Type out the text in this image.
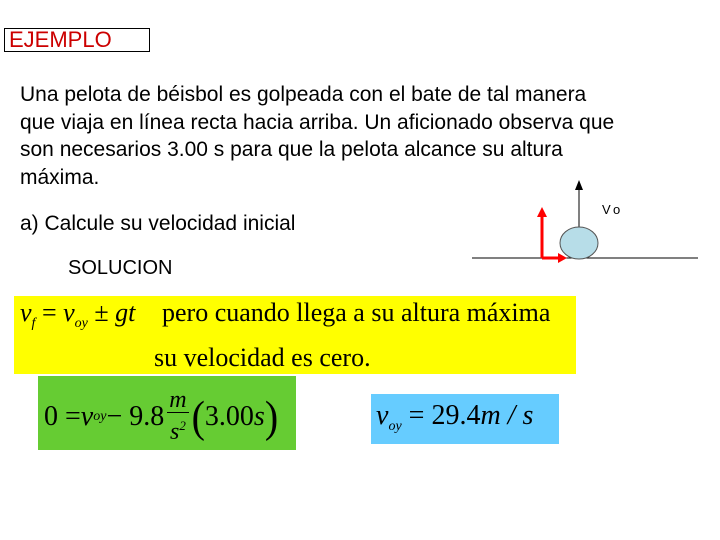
EJEMPLO
Una pelota de béisbol es golpeada con el bate de tal manera
que viaja en línea recta hacia arriba. Un aficionado observa que
son necesarios 3.00 s para que la pelota alcance su altura
máxima.
a) Calcule su velocidad inicial
SOLUCION
Vo
$v_f = v_{oy}$ ± gt pero cuando llega a su altura máxima
su velocidad es cero.
0 = v oy − $9.8 \frac{m}{s^2}$ ( 3.00 s )	$v_{oy} = 29.4m / s$
